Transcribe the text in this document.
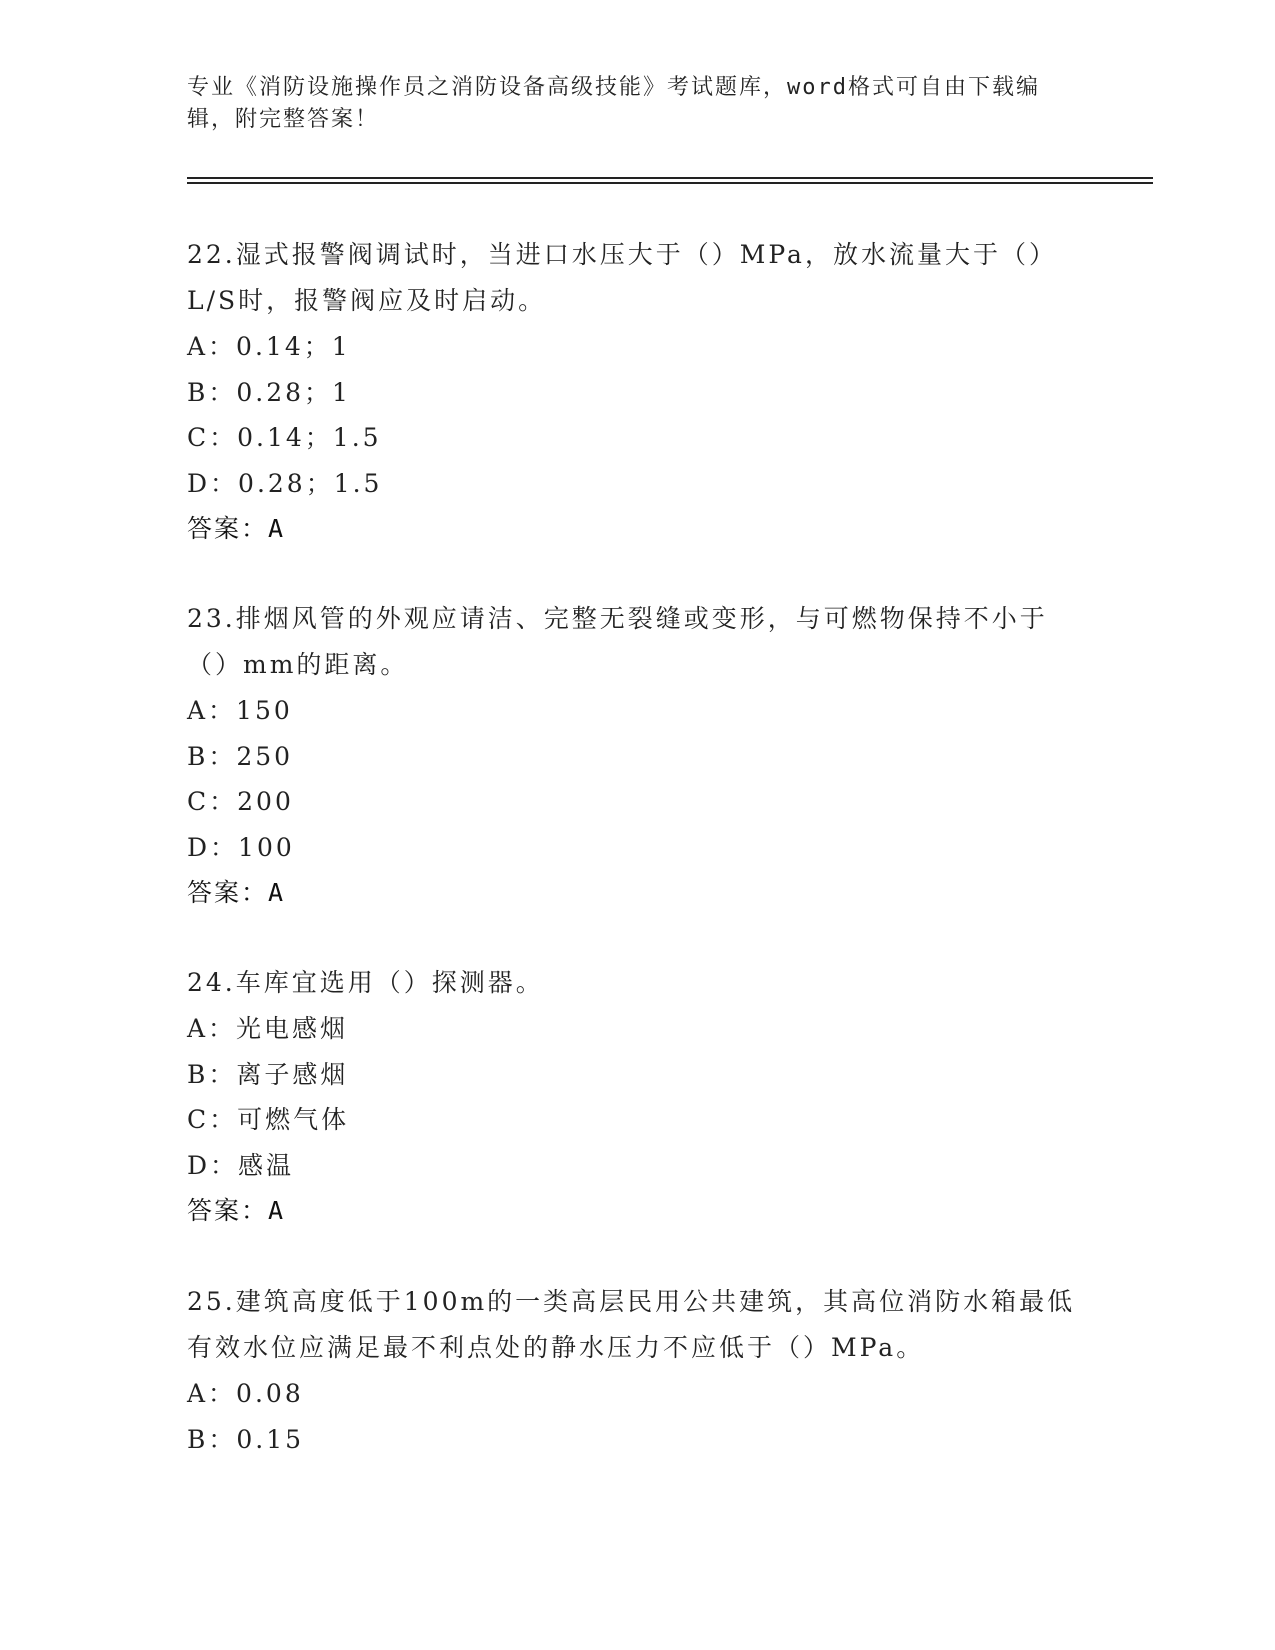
专业《消防设施操作员之消防设备高级技能》考试题库，word格式可自由下载编
辑，附完整答案！

22.湿式报警阀调试时，当进口水压大于（）MPa，放水流量大于（）L/S时，报警阀应及时启动。

A：0.14；1

B：0.28；1

C：0.14；1.5

D：0.28；1.5

答案：A

23.排烟风管的外观应请洁、完整无裂缝或变形，与可燃物保持不小于（）mm的距离。

A：150

B：250

C：200

D：100

答案：A

24.车库宜选用（）探测器。

A：光电感烟

B：离子感烟

C：可燃气体

D：感温

答案：A

25.建筑高度低于100m的一类高层民用公共建筑，其高位消防水箱最低有效水位应满足最不利点处的静水压力不应低于（）MPa。

A：0.08

B：0.15
